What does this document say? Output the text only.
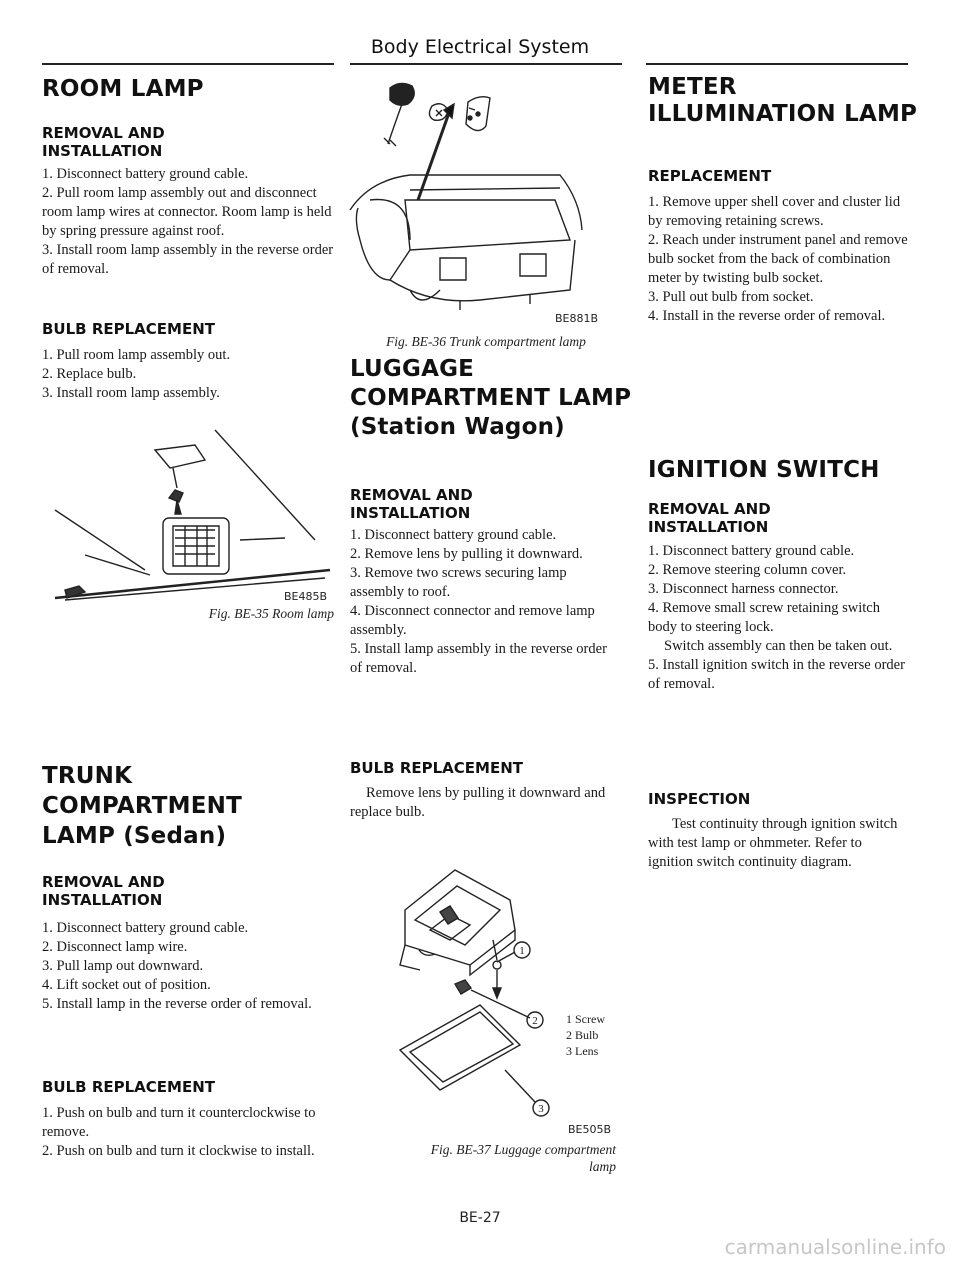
Body Electrical System
ROOM LAMP
REMOVAL AND INSTALLATION
1. Disconnect battery ground cable.
2. Pull room lamp assembly out and disconnect room lamp wires at connector. Room lamp is held by spring pressure against roof.
3. Install room lamp assembly in the reverse order of removal.
BULB REPLACEMENT
1. Pull room lamp assembly out.
2. Replace bulb.
3. Install room lamp assembly.
BE485B
Fig. BE-35 Room lamp
TRUNK
COMPARTMENT
LAMP (Sedan)
REMOVAL AND INSTALLATION
1. Disconnect battery ground cable.
2. Disconnect lamp wire.
3. Pull lamp out downward.
4. Lift socket out of position.
5. Install lamp in the reverse order of removal.
BULB REPLACEMENT
1. Push on bulb and turn it counterclockwise to remove.
2. Push on bulb and turn it clockwise to install.
BE881B
Fig. BE-36 Trunk compartment lamp
LUGGAGE
COMPARTMENT LAMP
(Station Wagon)
REMOVAL AND INSTALLATION
1. Disconnect battery ground cable.
2. Remove lens by pulling it downward.
3. Remove two screws securing lamp assembly to roof.
4. Disconnect connector and remove lamp assembly.
5. Install lamp assembly in the reverse order of removal.
BULB REPLACEMENT

Remove lens by pulling it downward and replace bulb.

1
2
3
1 Screw
2 Bulb
3 Lens
BE505B
Fig. BE-37 Luggage compartment
lamp
METER
ILLUMINATION LAMP
REPLACEMENT
1. Remove upper shell cover and cluster lid by removing retaining screws.
2. Reach under instrument panel and remove bulb socket from the back of combination meter by twisting bulb socket.
3. Pull out bulb from socket.
4. Install in the reverse order of removal.
IGNITION SWITCH
REMOVAL AND INSTALLATION
1. Disconnect battery ground cable.
2. Remove steering column cover.
3. Disconnect harness connector.
4. Remove small screw retaining switch body to steering lock.
Switch assembly can then be taken out.
5. Install ignition switch in the reverse order of removal.
INSPECTION

Test continuity through ignition switch with test lamp or ohmmeter. Refer to ignition switch continuity diagram.

BE-27
carmanualsonline.info
